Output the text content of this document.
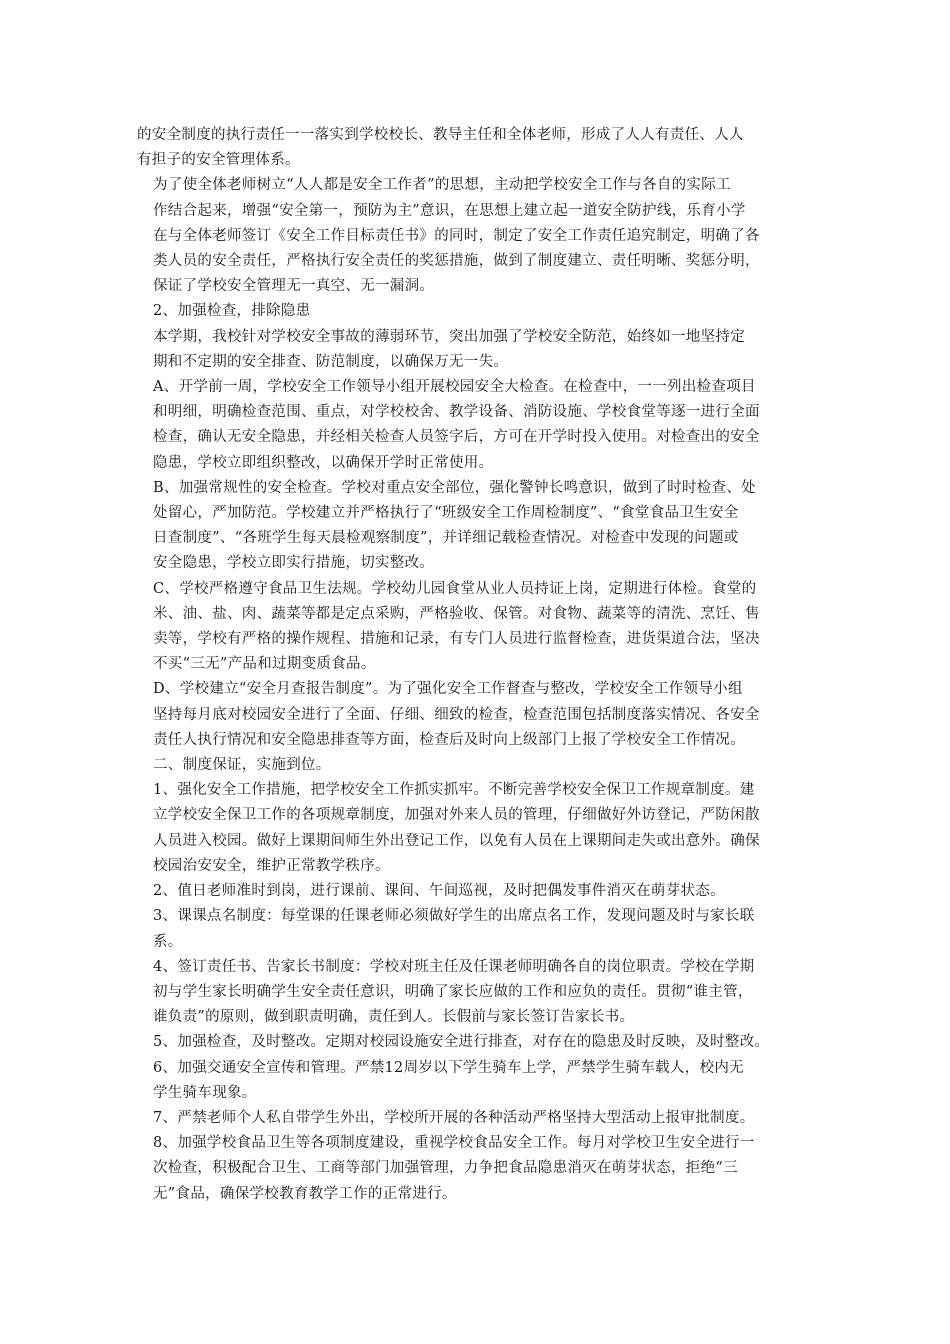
的安全制度的执行责任一一落实到学校校长、教导主任和全体老师，形成了人人有责任、人人
有担子的安全管理体系。
为了使全体老师树立“人人都是安全工作者”的思想，主动把学校安全工作与各自的实际工
作结合起来，增强“安全第一，预防为主”意识，在思想上建立起一道安全防护线，乐育小学
在与全体老师签订《安全工作目标责任书》的同时，制定了安全工作责任追究制定，明确了各
类人员的安全责任，严格执行安全责任的奖惩措施，做到了制度建立、责任明晰、奖惩分明，
保证了学校安全管理无一真空、无一漏洞。
2、加强检查，排除隐患
本学期，我校针对学校安全事故的薄弱环节，突出加强了学校安全防范，始终如一地坚持定
期和不定期的安全排查、防范制度，以确保万无一失。
A、开学前一周，学校安全工作领导小组开展校园安全大检查。在检查中，一一列出检查项目
和明细，明确检查范围、重点，对学校校舍、教学设备、消防设施、学校食堂等逐一进行全面
检查，确认无安全隐患，并经相关检查人员签字后，方可在开学时投入使用。对检查出的安全
隐患，学校立即组织整改，以确保开学时正常使用。
B、加强常规性的安全检查。学校对重点安全部位，强化警钟长鸣意识，做到了时时检查、处
处留心，严加防范。学校建立并严格执行了“班级安全工作周检制度”、“食堂食品卫生安全
日查制度”、“各班学生每天晨检观察制度”，并详细记载检查情况。对检查中发现的问题或
安全隐患，学校立即实行措施，切实整改。
C、学校严格遵守食品卫生法规。学校幼儿园食堂从业人员持证上岗，定期进行体检。食堂的
米、油、盐、肉、蔬菜等都是定点采购，严格验收、保管。对食物、蔬菜等的清洗、烹饪、售
卖等，学校有严格的操作规程、措施和记录，有专门人员进行监督检查，进货渠道合法，坚决
不买“三无”产品和过期变质食品。
D、学校建立“安全月查报告制度”。为了强化安全工作督查与整改，学校安全工作领导小组
坚持每月底对校园安全进行了全面、仔细、细致的检查，检查范围包括制度落实情况、各安全
责任人执行情况和安全隐患排查等方面，检查后及时向上级部门上报了学校安全工作情况。
二、制度保证，实施到位。
1、强化安全工作措施，把学校安全工作抓实抓牢。不断完善学校安全保卫工作规章制度。建
立学校安全保卫工作的各项规章制度，加强对外来人员的管理，仔细做好外访登记，严防闲散
人员进入校园。做好上课期间师生外出登记工作，以免有人员在上课期间走失或出意外。确保
校园治安安全，维护正常教学秩序。
2、值日老师准时到岗，进行课前、课间、午间巡视，及时把偶发事件消灭在萌芽状态。
3、课课点名制度：每堂课的任课老师必须做好学生的出席点名工作，发现问题及时与家长联
系。
4、签订责任书、告家长书制度：学校对班主任及任课老师明确各自的岗位职责。学校在学期
初与学生家长明确学生安全责任意识，明确了家长应做的工作和应负的责任。贯彻“谁主管，
谁负责”的原则，做到职责明确，责任到人。长假前与家长签订告家长书。
5、加强检查，及时整改。定期对校园设施安全进行排查，对存在的隐患及时反映，及时整改。
6、加强交通安全宣传和管理。严禁12周岁以下学生骑车上学，严禁学生骑车载人，校内无
学生骑车现象。
7、严禁老师个人私自带学生外出，学校所开展的各种活动严格坚持大型活动上报审批制度。
8、加强学校食品卫生等各项制度建设，重视学校食品安全工作。每月对学校卫生安全进行一
次检查，积极配合卫生、工商等部门加强管理，力争把食品隐患消灭在萌芽状态，拒绝“三
无”食品，确保学校教育教学工作的正常进行。
